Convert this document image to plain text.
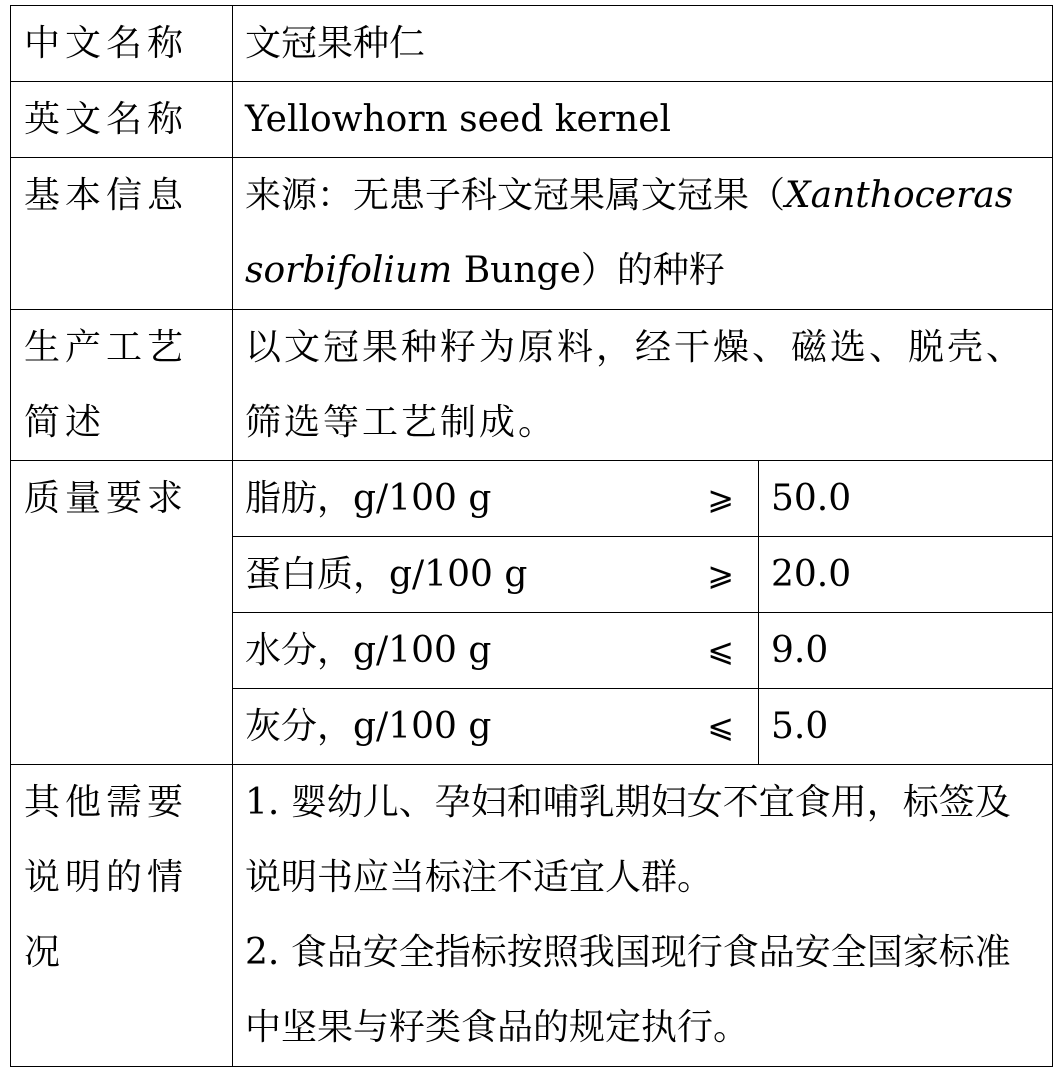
中文名称	文冠果种仁	
英文名称	Yellowhorn seed kernel	
基本信息	来源：无患子科文冠果属文冠果（Xanthoceras sorbifolium Bunge）的种籽	
生产工艺简述	以文冠果种籽为原料，经干燥、磁选、脱壳、筛选等工艺制成。	
质量要求	脂肪，g/100 g ⩾	50.0

	蛋白质，g/100 g ⩾	20.0

	水分，g/100 g ⩽	9.0

	灰分，g/100 g ⩽	5.0
其他需要说明的情况	1. 婴幼儿、孕妇和哺乳期妇女不宜食用，标签及说明书应当标注不适宜人群。
2. 食品安全指标按照我国现行食品安全国家标准中坚果与籽类食品的规定执行。	
